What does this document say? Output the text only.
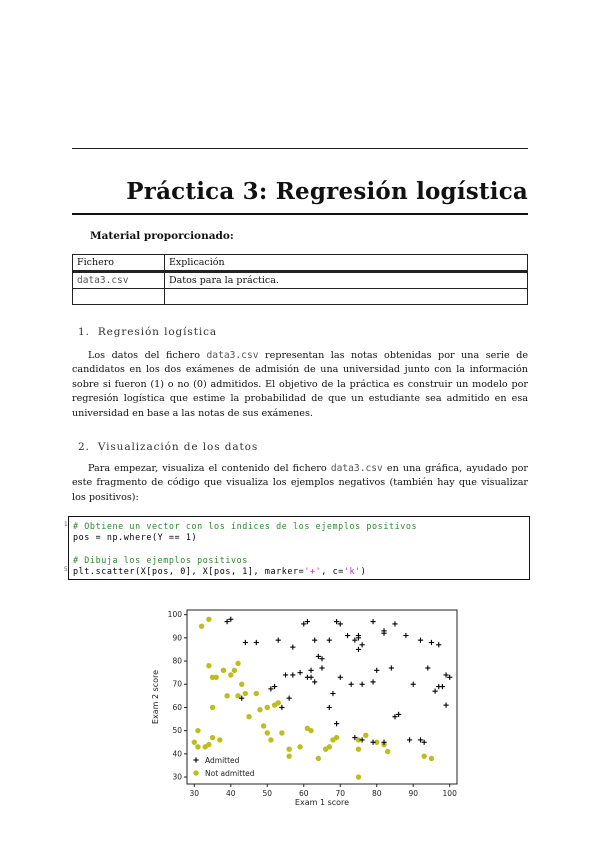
Práctica 3: Regresión logística
Material proporcionado:
Fichero	Explicación
data3.csv	Datos para la práctica.

1. Regresión logística

Los datos del fichero data3.csv representan las notas obtenidas por una serie de candidatos en los dos exámenes de admisión de una universidad junto con la información sobre si fueron (1) o no (0) admitidos. El objetivo de la práctica es construir un modelo por regresión logística que estime la probabilidad de que un estudiante sea admitido en esa universidad en base a las notas de sus exámenes.

2. Visualización de los datos

Para empezar, visualiza el contenido del fichero data3.csv en una gráfica, ayudado por este fragmento de código que visualiza los ejemplos negativos (también hay que visualizar los positivos):

1 # Obtiene un vector con los índices de los ejemplos positivos
pos = np.where(Y == 1)
# Dibuja los ejemplos positivos
5 plt.scatter(X[pos, 0], X[pos, 1], marker='+', c='k')
30	40	50	60	70	80	90	100
30
40
50
60
70
80
90
100
Admitted
Not admitted
Exam 1 score
Exam 2 score
